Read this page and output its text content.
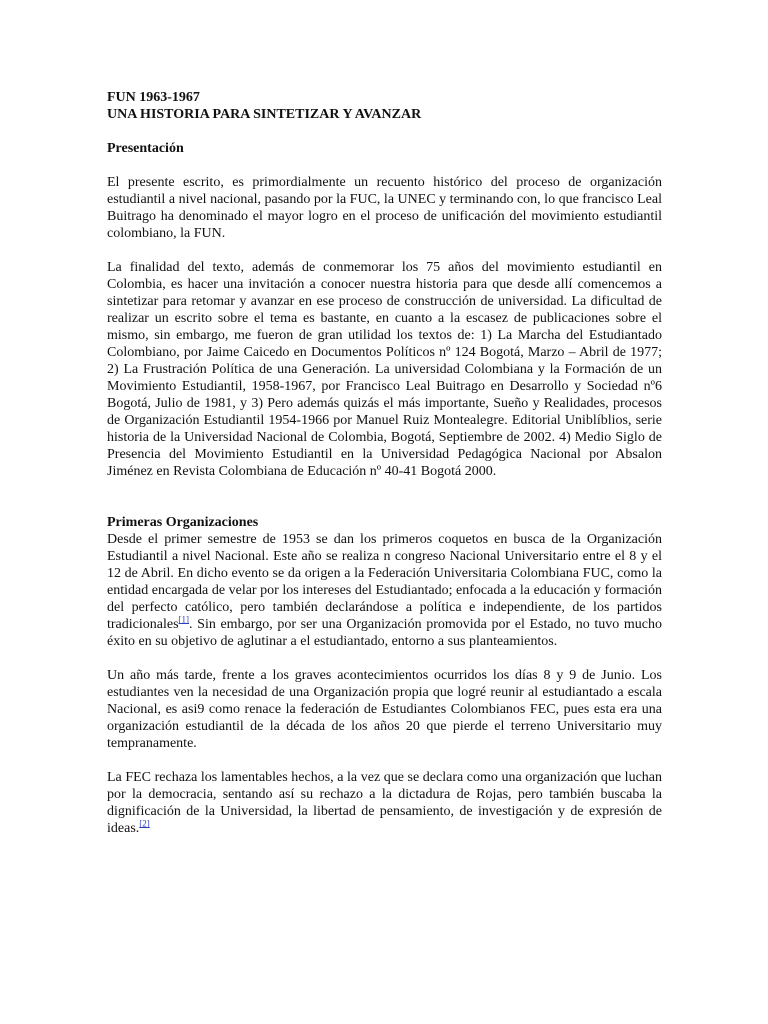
FUN 1963-1967
UNA HISTORIA PARA SINTETIZAR Y AVANZAR
Presentación

El presente escrito, es primordialmente un recuento histórico del proceso de organización estudiantil a nivel nacional, pasando por la FUC, la UNEC y terminando con, lo que francisco Leal Buitrago ha denominado el mayor logro en el proceso de unificación del movimiento estudiantil colombiano, la FUN.

La finalidad del texto, además de conmemorar los 75 años del movimiento estudiantil en Colombia, es hacer una invitación a conocer nuestra historia para que desde allí comencemos a sintetizar para retomar y avanzar en ese proceso de construcción de universidad. La dificultad de realizar un escrito sobre el tema es bastante, en cuanto a la escasez de publicaciones sobre el mismo, sin embargo, me fueron de gran utilidad los textos de: 1) La Marcha del Estudiantado Colombiano, por Jaime Caicedo en Documentos Políticos nº 124 Bogotá, Marzo – Abril de 1977; 2) La Frustración Política de una Generación. La universidad Colombiana y la Formación de un Movimiento Estudiantil, 1958-1967, por Francisco Leal Buitrago en Desarrollo y Sociedad nº6 Bogotá, Julio de 1981, y 3) Pero además quizás el más importante, Sueño y Realidades, procesos de Organización Estudiantil 1954-1966 por Manuel Ruiz Montealegre. Editorial Uniblíblios, serie historia de la Universidad Nacional de Colombia, Bogotá, Septiembre de 2002. 4) Medio Siglo de Presencia del Movimiento Estudiantil en la Universidad Pedagógica Nacional por Absalon Jiménez en Revista Colombiana de Educación nº 40-41 Bogotá 2000.

Primeras Organizaciones

Desde el primer semestre de 1953 se dan los primeros coquetos en busca de la Organización Estudiantil a nivel Nacional. Este año se realiza n congreso Nacional Universitario entre el 8 y el 12 de Abril. En dicho evento se da origen a la Federación Universitaria Colombiana FUC, como la entidad encargada de velar por los intereses del Estudiantado; enfocada a la educación y formación del perfecto católico, pero también declarándose a política e independiente, de los partidos tradicionales[1]. Sin embargo, por ser una Organización promovida por el Estado, no tuvo mucho éxito en su objetivo de aglutinar a el estudiantado, entorno a sus planteamientos.

Un año más tarde, frente a los graves acontecimientos ocurridos los días 8 y 9 de Junio. Los estudiantes ven la necesidad de una Organización propia que logré reunir al estudiantado a escala Nacional, es asi9 como renace la federación de Estudiantes Colombianos FEC, pues esta era una organización estudiantil de la década de los años 20 que pierde el terreno Universitario muy tempranamente.

La FEC rechaza los lamentables hechos, a la vez que se declara como una organización que luchan por la democracia, sentando así su rechazo a la dictadura de Rojas, pero también buscaba la dignificación de la Universidad, la libertad de pensamiento, de investigación y de expresión de ideas.[2]
